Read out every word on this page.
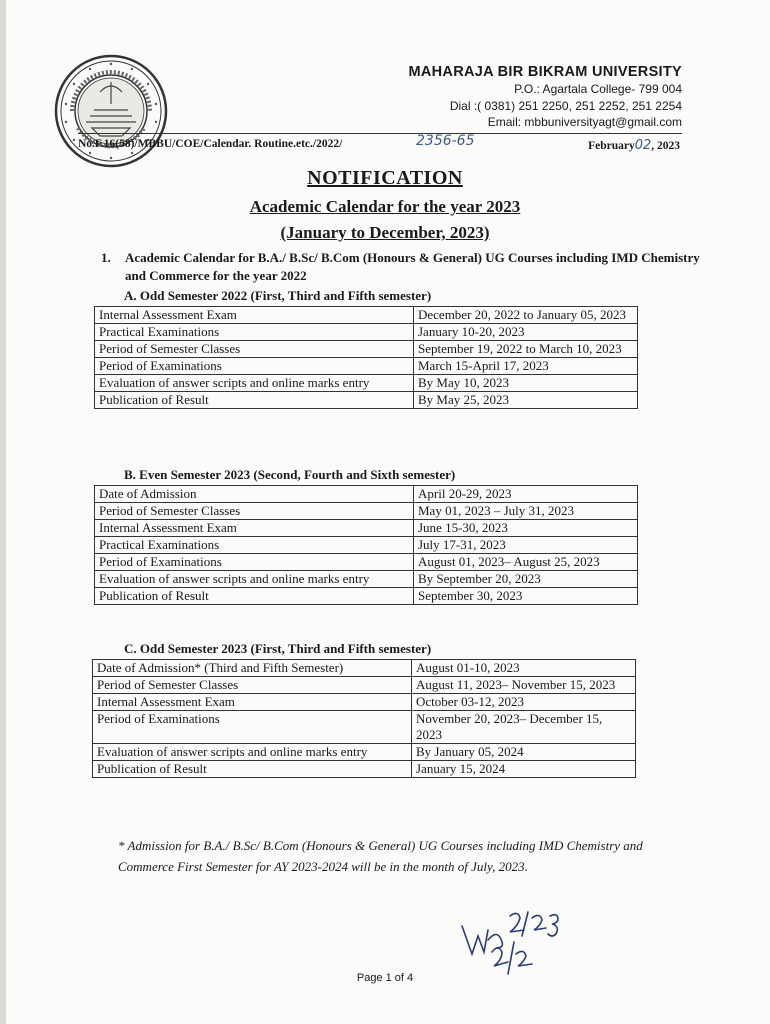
MAHARAJA BIR BIKRAM UNIVERSITY
P.O.: Agartala College- 799 004
Dial :( 0381) 251 2250, 251 2252, 251 2254
Email: mbbuniversityagt@gmail.com
No.F.16(58)/MBBU/COE/Calendar. Routine.etc./2022/	2356-65	February02, 2023
NOTIFICATION
Academic Calendar for the year 2023
(January to December, 2023)
1. Academic Calendar for B.A./ B.Sc/ B.Com (Honours & General) UG Courses including IMD Chemistry and Commerce for the year 2022
A. Odd Semester 2022 (First, Third and Fifth semester)
Internal Assessment Exam	December 20, 2022 to January 05, 2023
Practical Examinations	January 10-20, 2023
Period of Semester Classes	September 19, 2022 to March 10, 2023
Period of Examinations	March 15-April 17, 2023
Evaluation of answer scripts and online marks entry	By May 10, 2023
Publication of Result	By May 25, 2023
B. Even Semester 2023 (Second, Fourth and Sixth semester)
Date of Admission	April 20-29, 2023
Period of Semester Classes	May 01, 2023 – July 31, 2023
Internal Assessment Exam	June 15-30, 2023
Practical Examinations	July 17-31, 2023
Period of Examinations	August 01, 2023– August 25, 2023
Evaluation of answer scripts and online marks entry	By September 20, 2023
Publication of Result	September 30, 2023
C. Odd Semester 2023 (First, Third and Fifth semester)
Date of Admission* (Third and Fifth Semester)	August 01-10, 2023
Period of Semester Classes	August 11, 2023– November 15, 2023
Internal Assessment Exam	October 03-12, 2023
Period of Examinations	November 20, 2023– December 15, 2023
Evaluation of answer scripts and online marks entry	By January 05, 2024
Publication of Result	January 15, 2024
* Admission for B.A./ B.Sc/ B.Com (Honours & General) UG Courses including IMD Chemistry and Commerce First Semester for AY 2023-2024 will be in the month of July, 2023.
Page 1 of 4
